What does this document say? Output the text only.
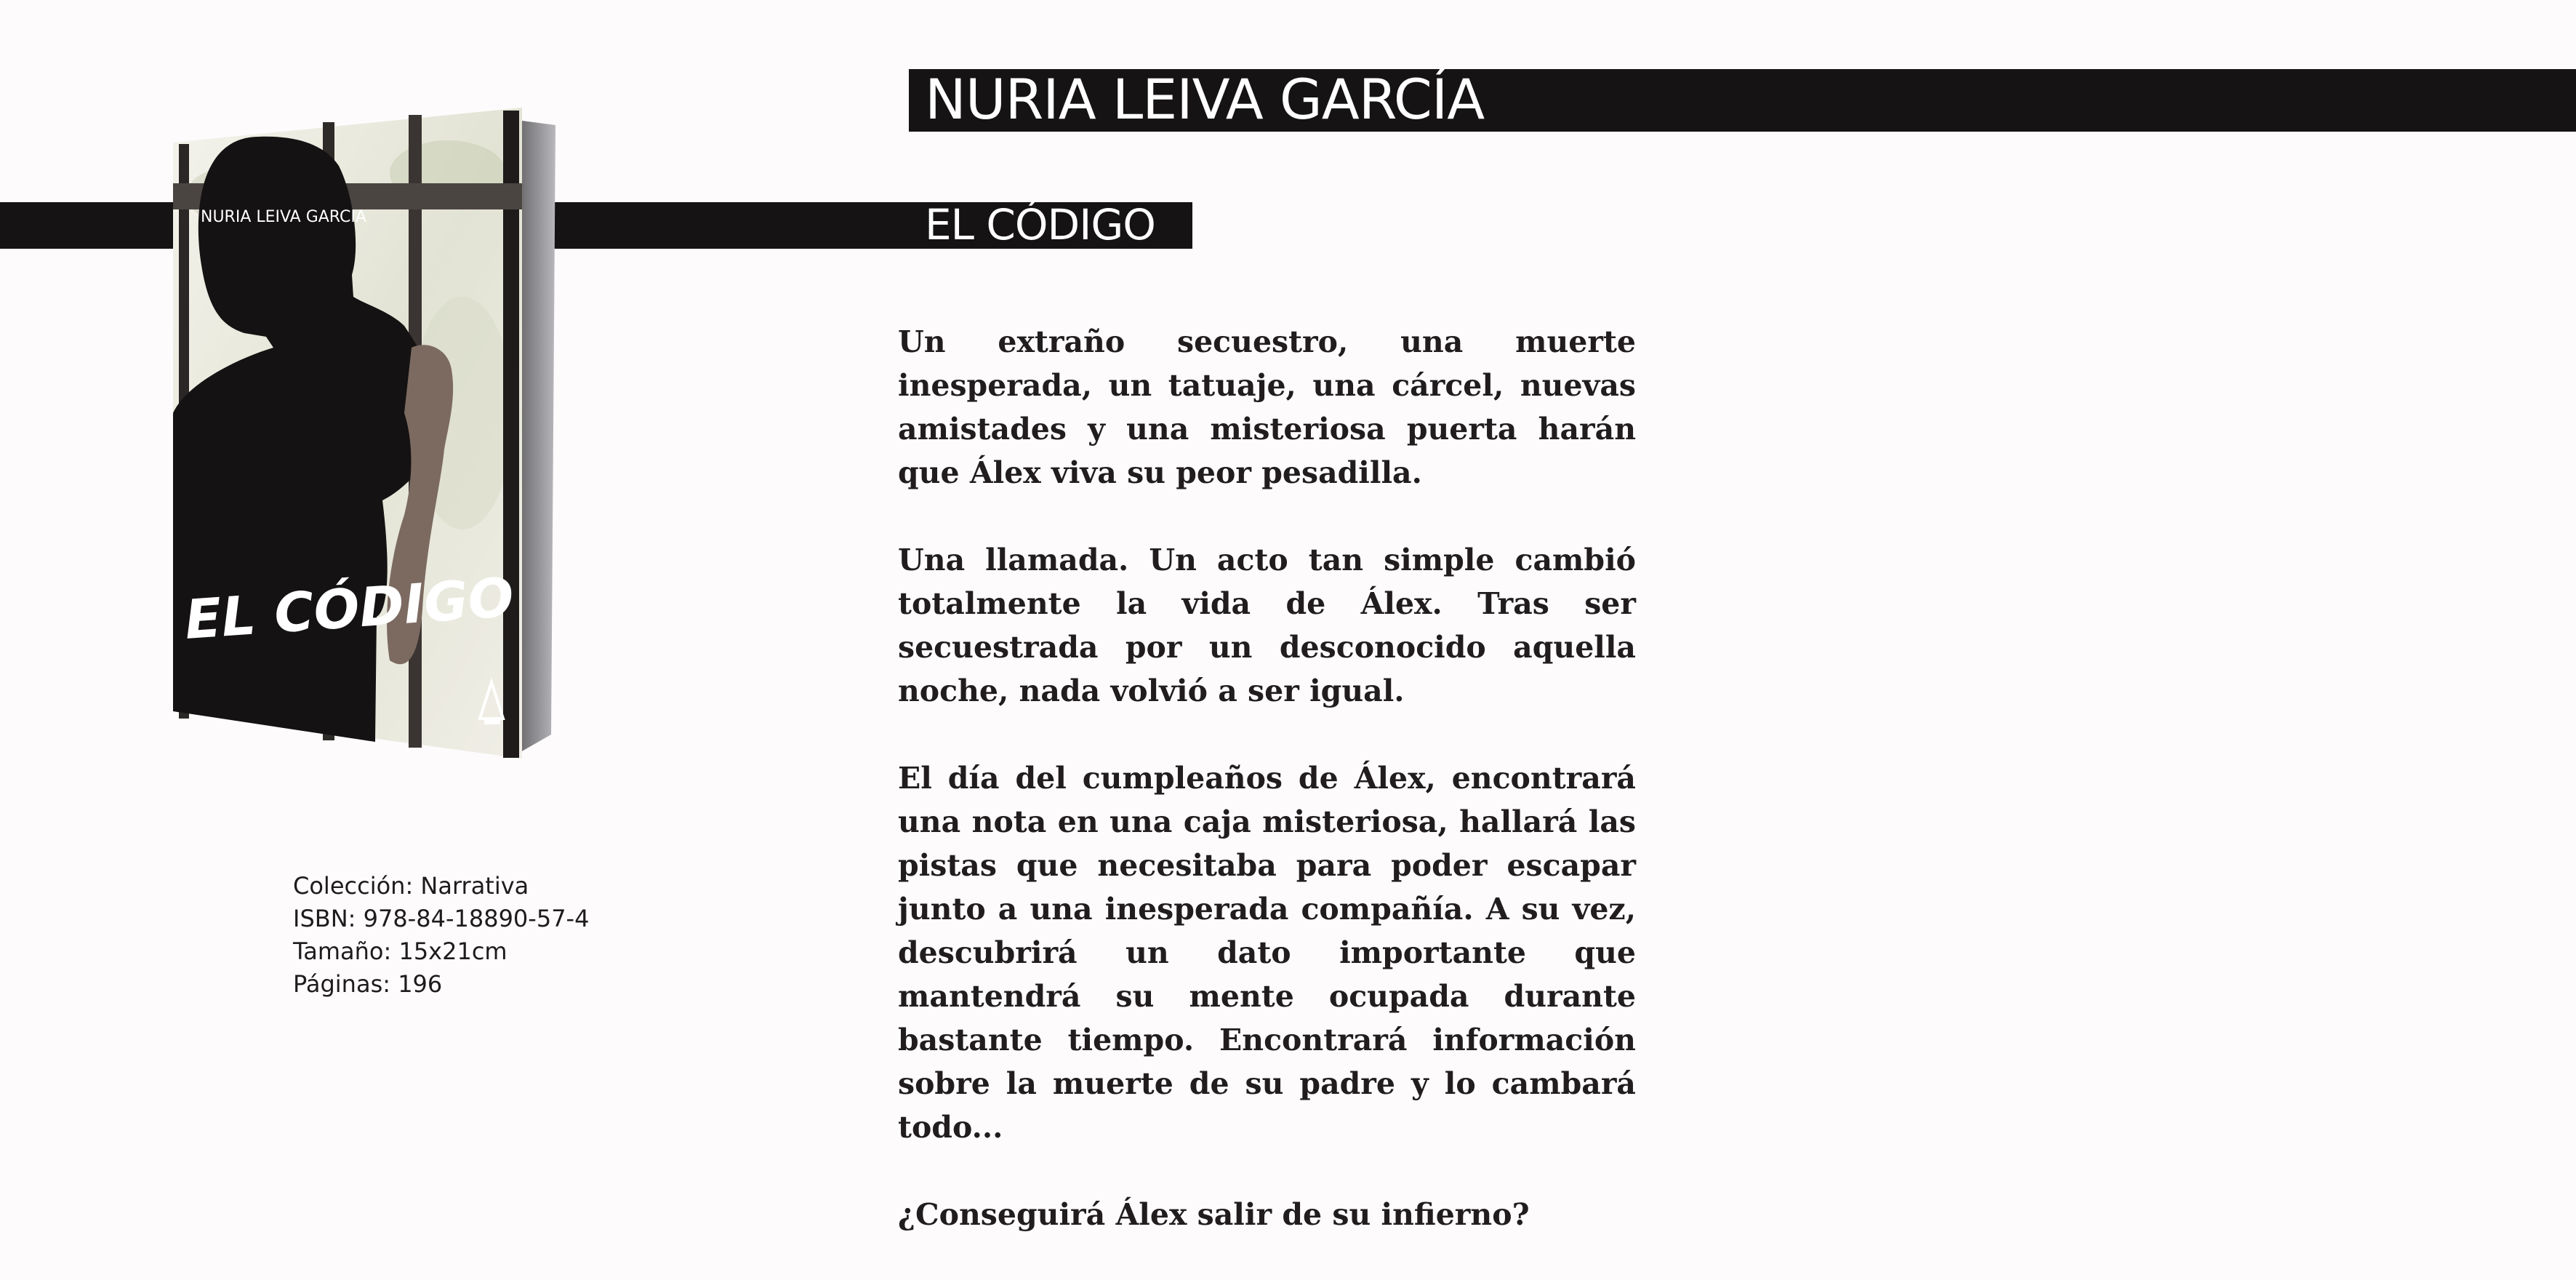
NURIA LEIVA GARCIA
EL CÓDIGO
NURIA LEIVA GARCÍA
EL CÓDIGO

Un extraño secuestro, una muerte inesperada, un tatuaje, una cárcel, nuevas amistades y una misteriosa puerta harán que Álex viva su peor pesadilla.

Una llamada. Un acto tan simple cambió totalmente la vida de Álex. Tras ser secuestrada por un desconocido aquella noche, nada volvió a ser igual.

El día del cumpleaños de Álex, encontrará una nota en una caja misteriosa, hallará las pistas que necesitaba para poder escapar junto a una inesperada compañía. A su vez, descubrirá un dato importante que mantendrá su mente ocupada durante bastante tiempo. Encontrará información sobre la muerte de su padre y lo cambará todo...

¿Conseguirá Álex salir de su infierno?

Colección: Narrativa
ISBN: 978-84-18890-57-4
Tamaño: 15x21cm
Páginas: 196
